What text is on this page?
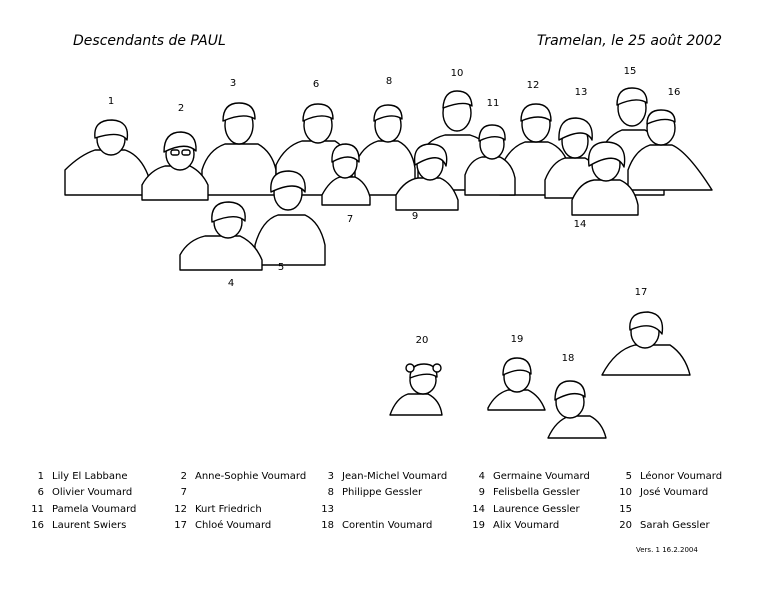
Descendants de PAUL	Tramelan, le 25 août 2002
1
2
3
4
5
6
7
8
9
10
11
12
13
14
15
16
17
18
19
20
1 Lily El Labbane	2 Anne-Sophie Voumard	3 Jean-Michel Voumard	4 Germaine Voumard	5 Léonor Voumard
6 Olivier Voumard	7	8 Philippe Gessler	9 Felisbella Gessler	10 José Voumard
11 Pamela Voumard	12 Kurt Friedrich	13	14 Laurence Gessler	15
16 Laurent Swiers	17 Chloé Voumard	18 Corentin Voumard	19 Alix Voumard	20 Sarah Gessler
Vers. 1 16.2.2004
